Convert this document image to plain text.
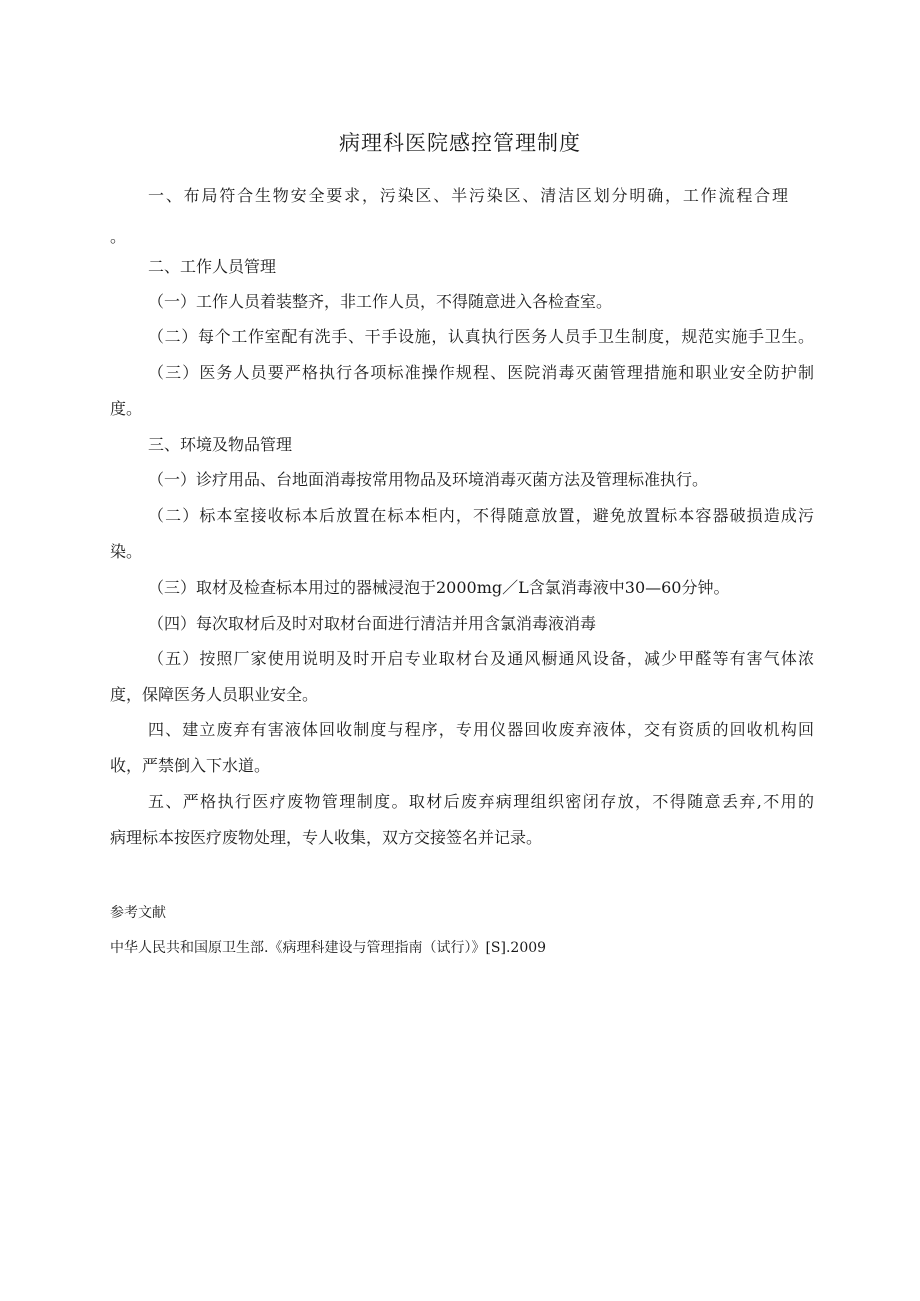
病理科医院感控管理制度
一、布局符合生物安全要求，污染区、半污染区、清洁区划分明确，工作流程合理
。
二、工作人员管理
（一）工作人员着装整齐，非工作人员，不得随意进入各检查室。
（二）每个工作室配有洗手、干手设施，认真执行医务人员手卫生制度，规范实施手卫生。
（三）医务人员要严格执行各项标准操作规程、医院消毒灭菌管理措施和职业安全防护制
度。
三、环境及物品管理
（一）诊疗用品、台地面消毒按常用物品及环境消毒灭菌方法及管理标准执行。
（二）标本室接收标本后放置在标本柜内，不得随意放置，避免放置标本容器破损造成污
染。
（三）取材及检查标本用过的器械浸泡于2000mg／L含氯消毒液中30—60分钟。
（四）每次取材后及时对取材台面进行清洁并用含氯消毒液消毒
（五）按照厂家使用说明及时开启专业取材台及通风橱通风设备，减少甲醛等有害气体浓
度，保障医务人员职业安全。
四、建立废弃有害液体回收制度与程序，专用仪器回收废弃液体，交有资质的回收机构回
收，严禁倒入下水道。
五、严格执行医疗废物管理制度。取材后废弃病理组织密闭存放，不得随意丢弃,不用的
病理标本按医疗废物处理，专人收集，双方交接签名并记录。
参考文献
中华人民共和国原卫生部.《病理科建设与管理指南（试行）》[S].2009
